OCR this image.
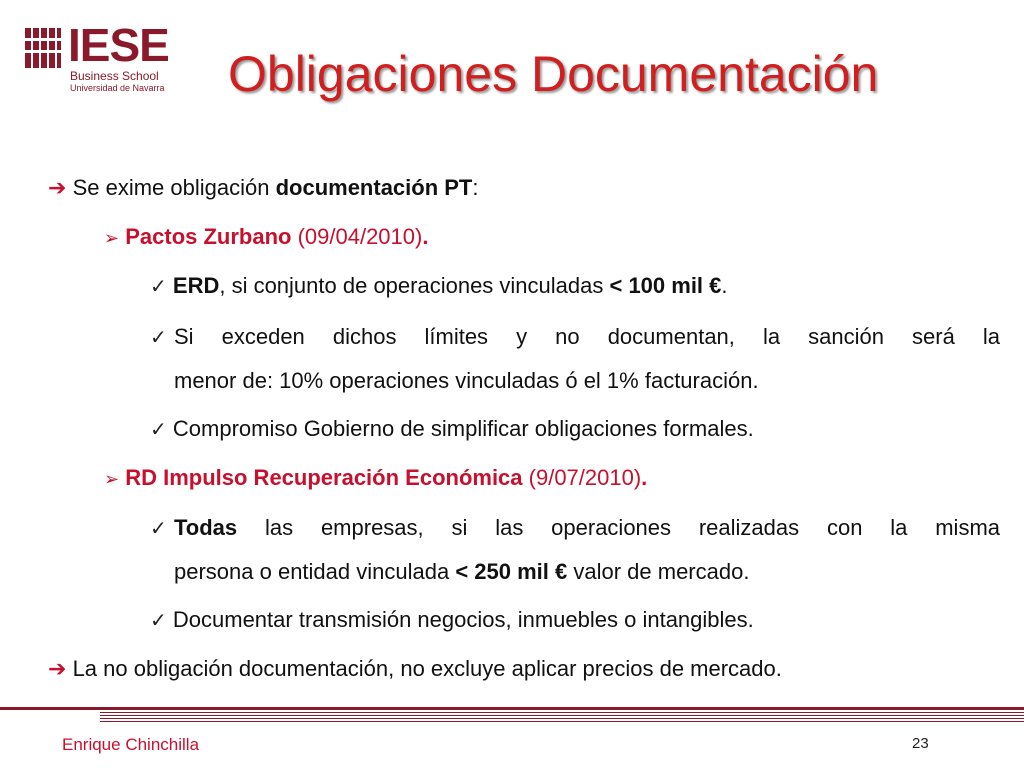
IESE
Business School
Universidad de Navarra Obligaciones Documentación
➔ Se exime obligación documentación PT:
➢ Pactos Zurbano (09/04/2010).
✓ ERD, si conjunto de operaciones vinculadas < 100 mil €.
✓ Si exceden dichos límites y no documentan, la sanción será la
menor de: 10% operaciones vinculadas ó el 1% facturación.
✓ Compromiso Gobierno de simplificar obligaciones formales.
➢ RD Impulso Recuperación Económica (9/07/2010).
✓ Todas las empresas, si las operaciones realizadas con la misma
persona o entidad vinculada < 250 mil € valor de mercado.
✓ Documentar transmisión negocios, inmuebles o intangibles.
➔ La no obligación documentación, no excluye aplicar precios de mercado.
Enrique Chinchilla	23
